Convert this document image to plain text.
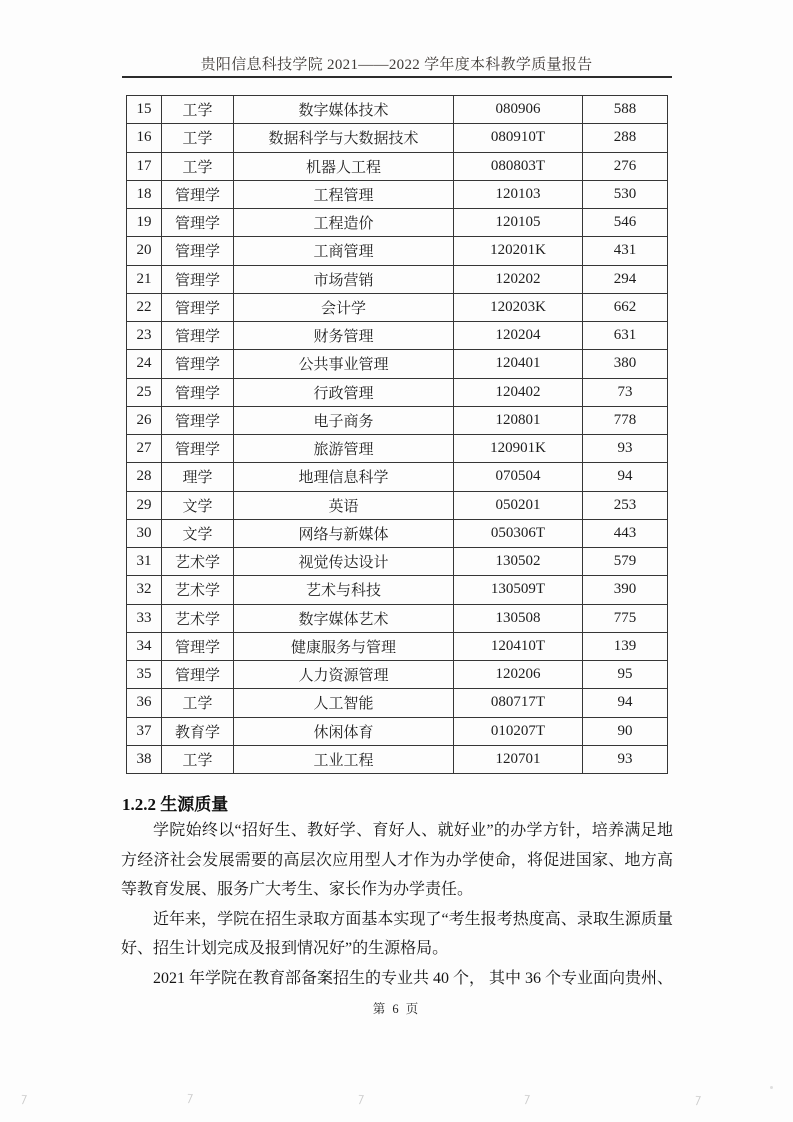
贵阳信息科技学院 2021——2022 学年度本科教学质量报告
15	工学	数字媒体技术	080906	588
16	工学	数据科学与大数据技术	080910T	288
17	工学	机器人工程	080803T	276
18	管理学	工程管理	120103	530
19	管理学	工程造价	120105	546
20	管理学	工商管理	120201K	431
21	管理学	市场营销	120202	294
22	管理学	会计学	120203K	662
23	管理学	财务管理	120204	631
24	管理学	公共事业管理	120401	380
25	管理学	行政管理	120402	73
26	管理学	电子商务	120801	778
27	管理学	旅游管理	120901K	93
28	理学	地理信息科学	070504	94
29	文学	英语	050201	253
30	文学	网络与新媒体	050306T	443
31	艺术学	视觉传达设计	130502	579
32	艺术学	艺术与科技	130509T	390
33	艺术学	数字媒体艺术	130508	775
34	管理学	健康服务与管理	120410T	139
35	管理学	人力资源管理	120206	95
36	工学	人工智能	080717T	94
37	教育学	休闲体育	010207T	90
38	工学	工业工程	120701	93
1.2.2 生源质量

学院始终以“招好生、教好学、育好人、就好业”的办学方针，培养满足地方经济社会发展需要的高层次应用型人才作为办学使命，将促进国家、地方高等教育发展、服务广大考生、家长作为办学责任。

近年来，学院在招生录取方面基本实现了“考生报考热度高、录取生源质量好、招生计划完成及报到情况好”的生源格局。

2021 年学院在教育部备案招生的专业共 40 个， 其中 36 个专业面向贵州、

第 6 页
